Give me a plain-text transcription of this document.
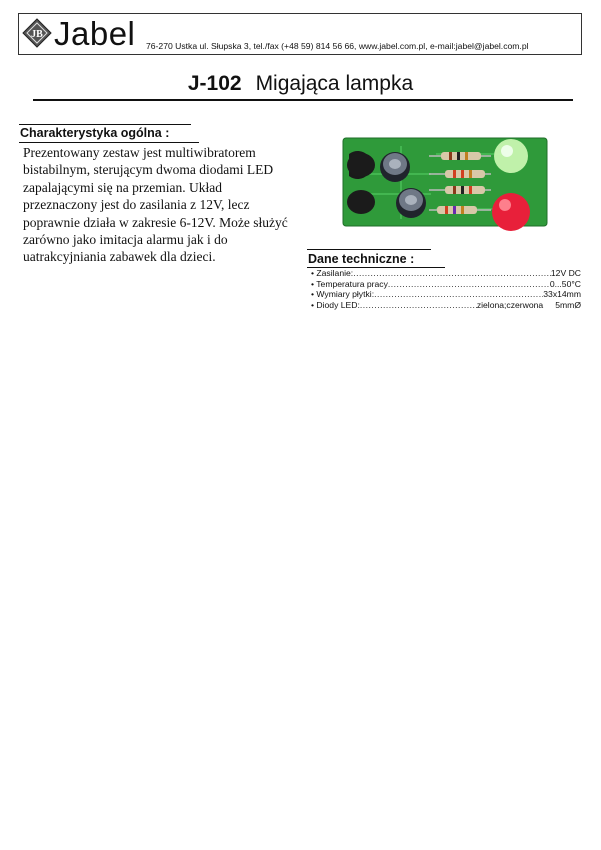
JB Jabel 76-270 Ustka ul. Słupska 3, tel./fax (+48 59) 814 56 66, www.jabel.com.pl, e-mail:jabel@jabel.com.pl
J-102 Migająca lampka
Charakterystyka ogólna :
Prezentowany zestaw jest multiwibratorem bistabilnym, sterującym dwoma diodami LED zapalającymi się na przemian. Układ przeznaczony jest do zasilania z 12V, lecz poprawnie działa w zakresie 6-12V. Może służyć zarówno jako imitacja alarmu jak i do uatrakcyjniania zabawek dla dzieci.	Dane techniczne :
• Zasilanie: .....	12V DC
• Temperatura pracy .....	0...50°C
• Wymiary płytki: .....	33x14mm
• Diody LED: .....	zielona;czerwona 5mmØ
